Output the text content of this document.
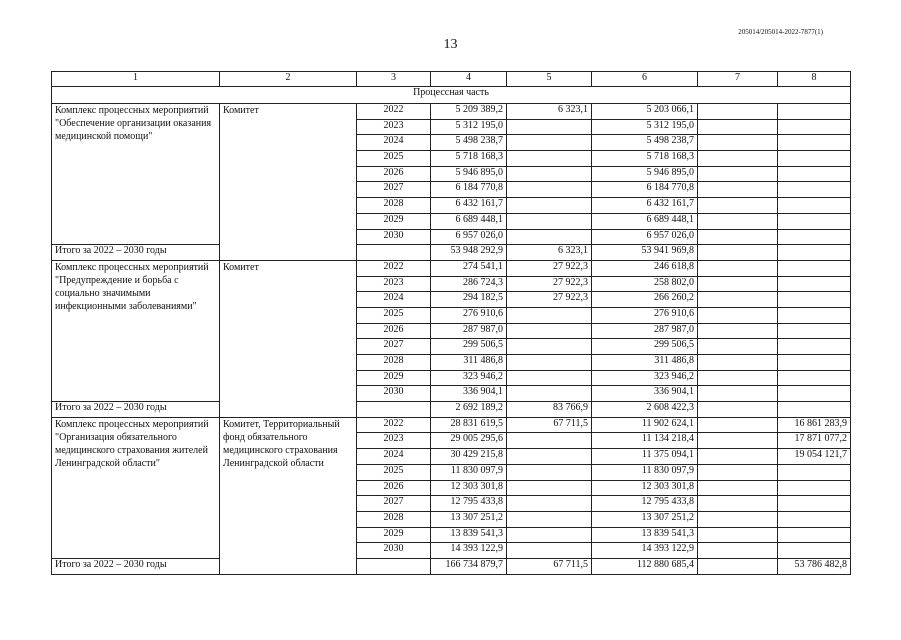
205014/205014-2022-7877(1)
13
1	2	3	4	5	6	7	8
Процессная часть							
Комплекс процессных мероприятий "Обеспечение организации оказания медицинской помощи"	Комитет	2022	5 209 389,2	6 323,1	5 203 066,1		
		2023	5 312 195,0		5 312 195,0		
		2024	5 498 238,7		5 498 238,7		
		2025	5 718 168,3		5 718 168,3		
		2026	5 946 895,0		5 946 895,0		
		2027	6 184 770,8		6 184 770,8		
		2028	6 432 161,7		6 432 161,7		
		2029	6 689 448,1		6 689 448,1		
		2030	6 957 026,0		6 957 026,0		
Итого за 2022 – 2030 годы			53 948 292,9	6 323,1	53 941 969,8		
Комплекс процессных мероприятий "Предупреждение и борьба с социально значимыми инфекционными заболеваниями"	Комитет	2022	274 541,1	27 922,3	246 618,8		
		2023	286 724,3	27 922,3	258 802,0		
		2024	294 182,5	27 922,3	266 260,2		
		2025	276 910,6		276 910,6		
		2026	287 987,0		287 987,0		
		2027	299 506,5		299 506,5		
		2028	311 486,8		311 486,8		
		2029	323 946,2		323 946,2		
		2030	336 904,1		336 904,1		
Итого за 2022 – 2030 годы			2 692 189,2	83 766,9	2 608 422,3		
Комплекс процессных мероприятий "Организация обязательного медицинского страхования жителей Ленинградской области"	Комитет, Территориальный фонд обязательного медицинского страхования Ленинградской области	2022	28 831 619,5	67 711,5	11 902 624,1		16 861 283,9
		2023	29 005 295,6		11 134 218,4		17 871 077,2
		2024	30 429 215,8		11 375 094,1		19 054 121,7
		2025	11 830 097,9		11 830 097,9		
		2026	12 303 301,8		12 303 301,8		
		2027	12 795 433,8		12 795 433,8		
		2028	13 307 251,2		13 307 251,2		
		2029	13 839 541,3		13 839 541,3		
		2030	14 393 122,9		14 393 122,9		
Итого за 2022 – 2030 годы			166 734 879,7	67 711,5	112 880 685,4		53 786 482,8
